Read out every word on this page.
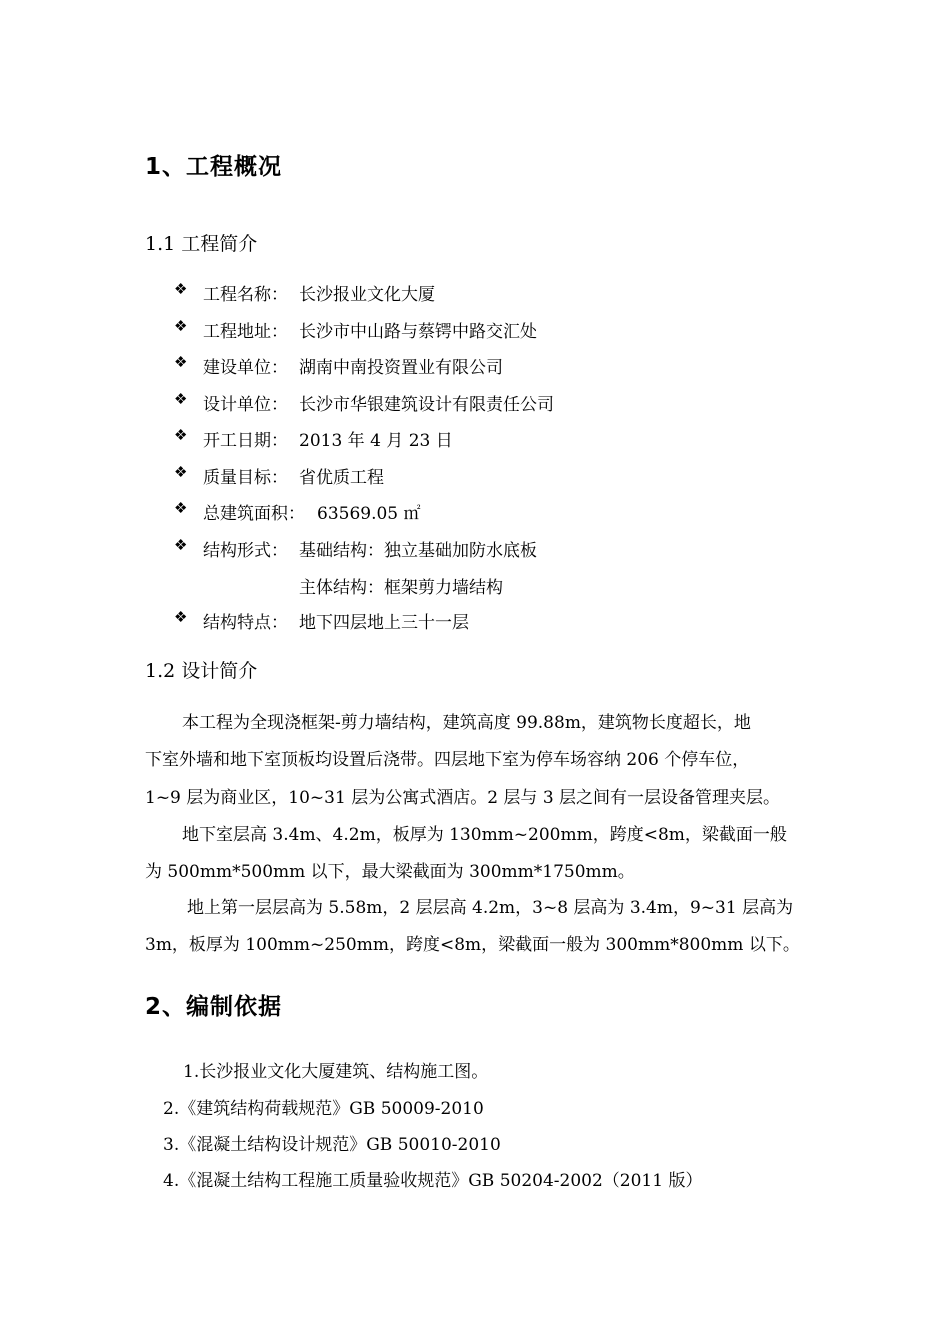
1、工程概况
1.1 工程简介
❖ 工程名称： 长沙报业文化大厦
❖ 工程地址： 长沙市中山路与蔡锷中路交汇处
❖ 建设单位： 湖南中南投资置业有限公司
❖ 设计单位： 长沙市华银建筑设计有限责任公司
❖ 开工日期： 2013 年 4 月 23 日
❖ 质量目标： 省优质工程
❖ 总建筑面积： 63569.05 ㎡
❖ 结构形式： 基础结构：独立基础加防水底板
主体结构：框架剪力墙结构
❖ 结构特点： 地下四层地上三十一层
1.2 设计简介
本工程为全现浇框架-剪力墙结构，建筑高度 99.88m，建筑物长度超长，地
下室外墙和地下室顶板均设置后浇带。四层地下室为停车场容纳 206 个停车位，
1~9 层为商业区，10~31 层为公寓式酒店。2 层与 3 层之间有一层设备管理夹层。
地下室层高 3.4m、4.2m，板厚为 130mm~200mm，跨度<8m，梁截面一般
为 500mm*500mm 以下，最大梁截面为 300mm*1750mm。
地上第一层层高为 5.58m，2 层层高 4.2m，3~8 层高为 3.4m，9~31 层高为
3m，板厚为 100mm~250mm，跨度<8m，梁截面一般为 300mm*800mm 以下。
2、编制依据
1.长沙报业文化大厦建筑、结构施工图。
2.《建筑结构荷载规范》GB 50009-2010
3.《混凝土结构设计规范》GB 50010-2010
4.《混凝土结构工程施工质量验收规范》GB 50204-2002（2011 版）
